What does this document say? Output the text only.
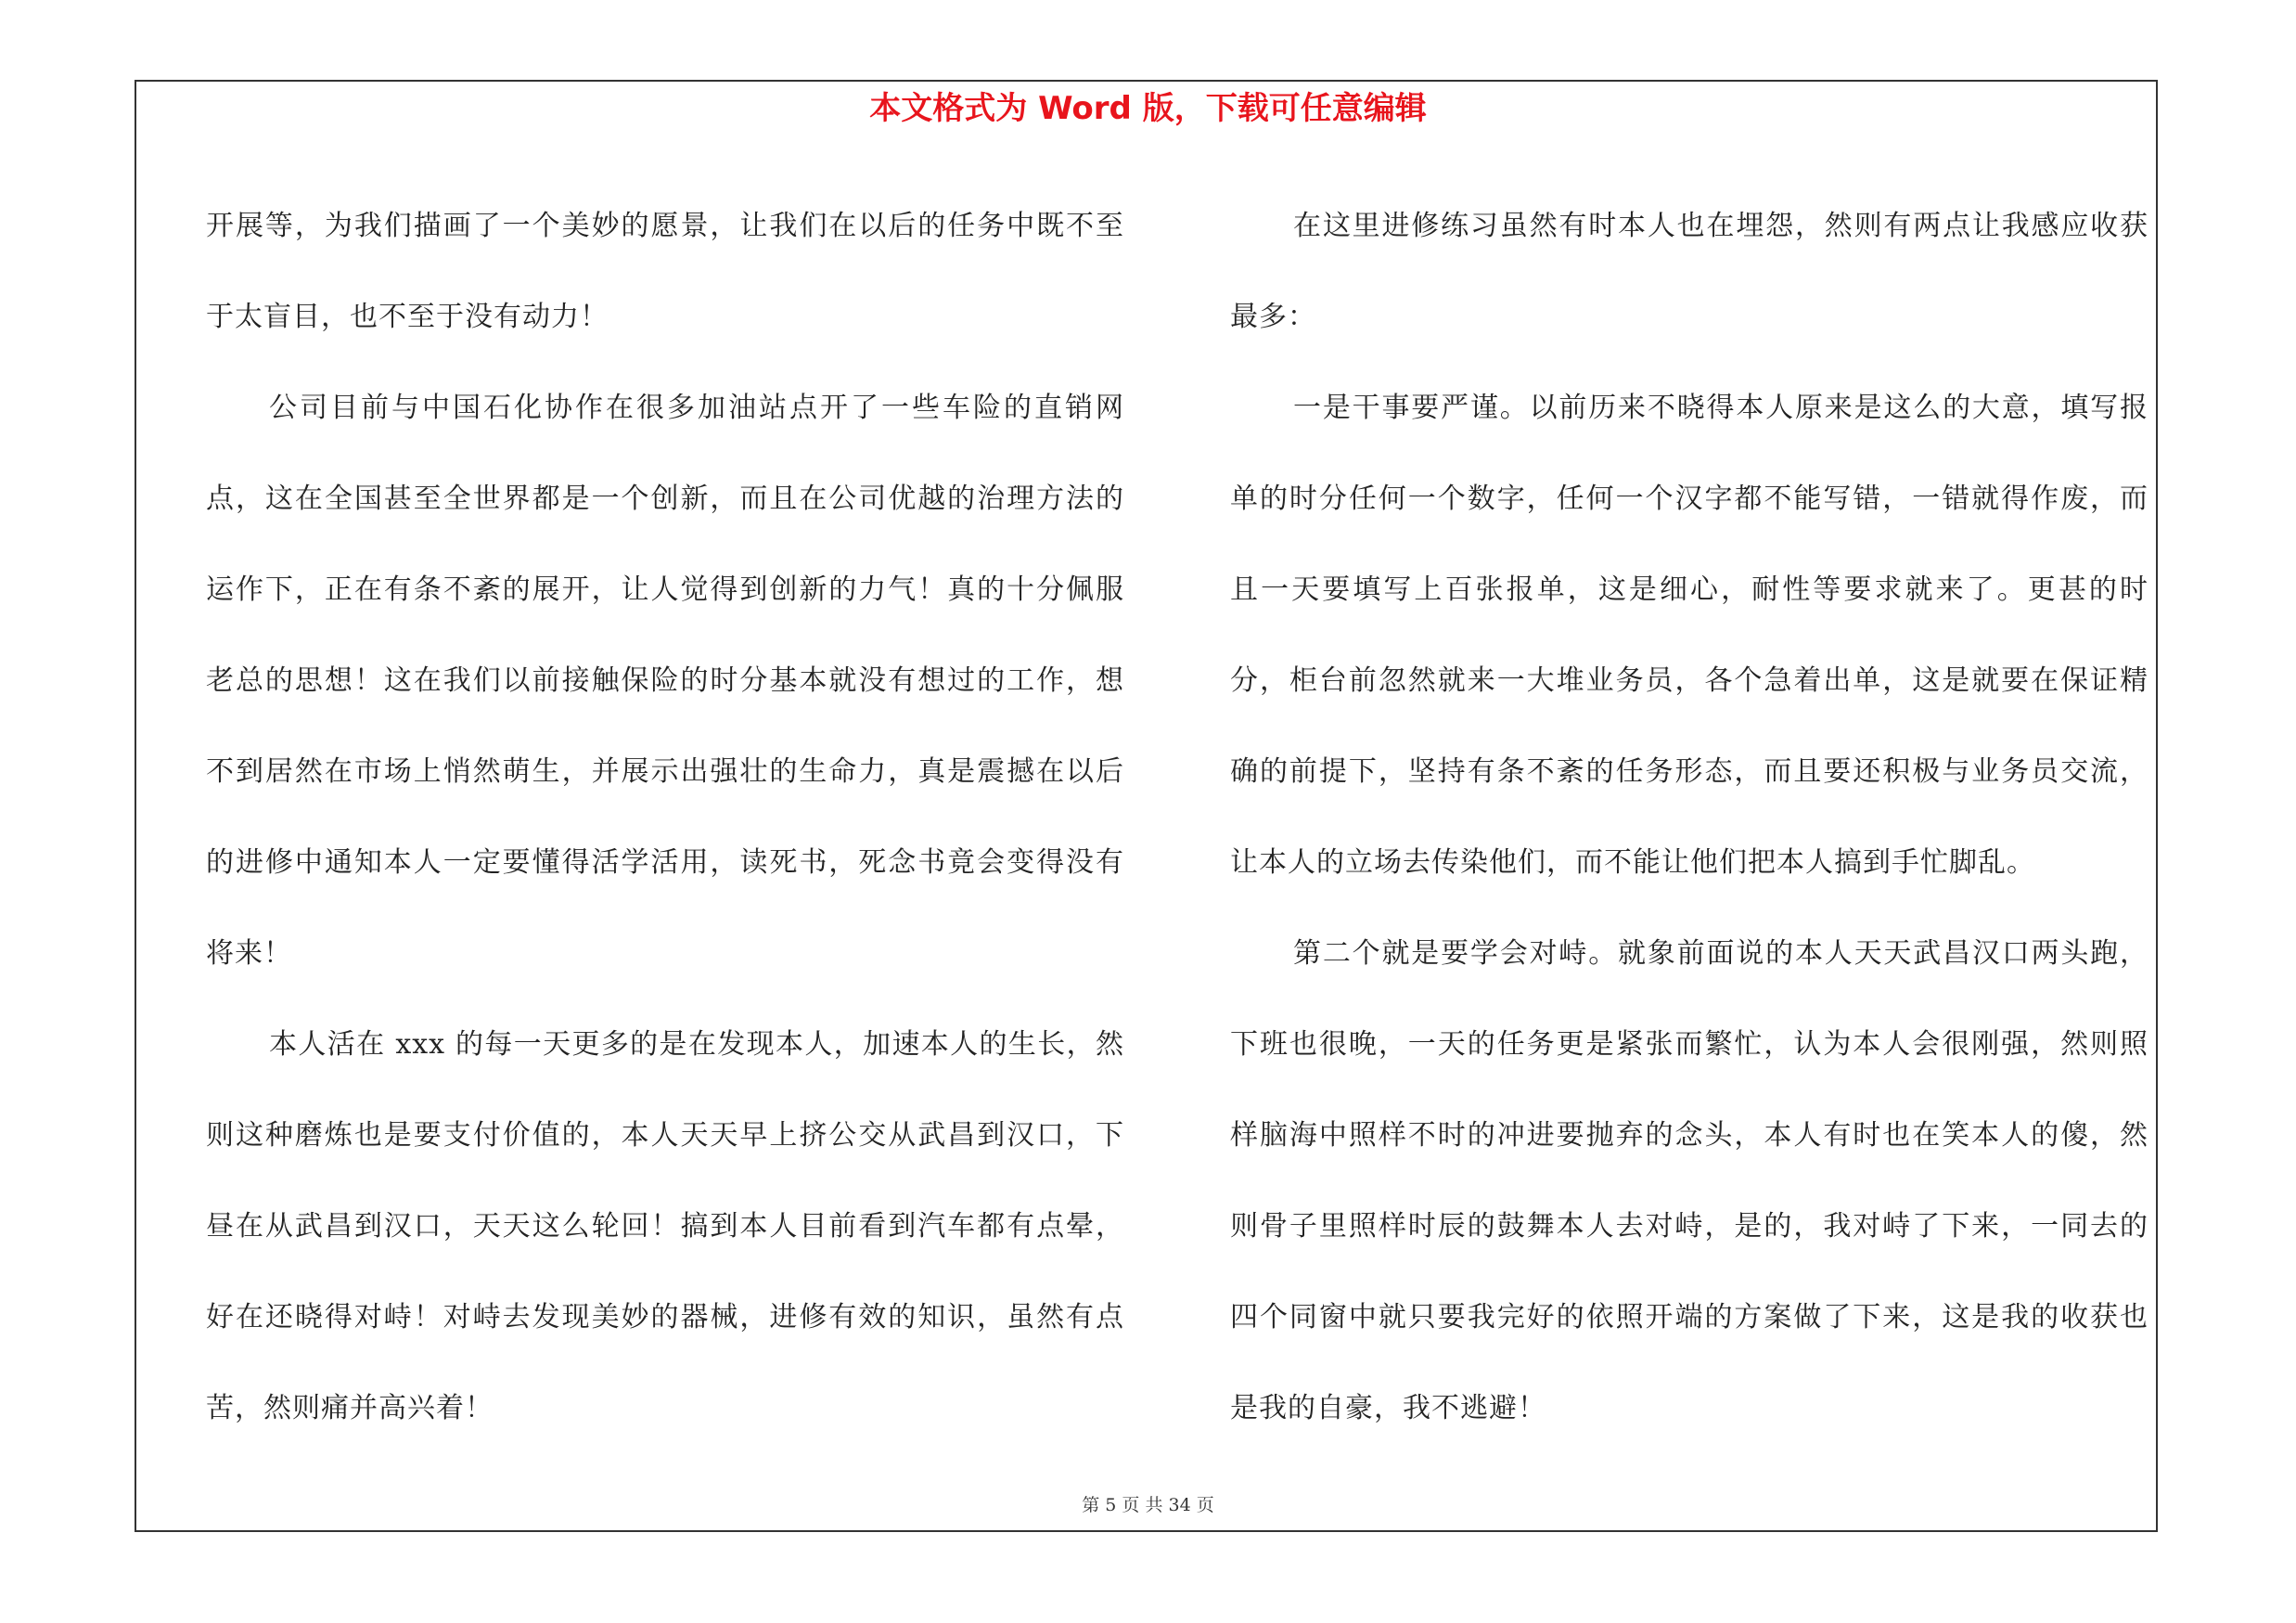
本文格式为 Word 版，下载可任意编辑

开展等，为我们描画了一个美妙的愿景，让我们在以后的任务中既不至于太盲目，也不至于没有动力！

公司目前与中国石化协作在很多加油站点开了一些车险的直销网点，这在全国甚至全世界都是一个创新，而且在公司优越的治理方法的运作下，正在有条不紊的展开，让人觉得到创新的力气！真的十分佩服老总的思想！这在我们以前接触保险的时分基本就没有想过的工作，想不到居然在市场上悄然萌生，并展示出强壮的生命力，真是震撼在以后的进修中通知本人一定要懂得活学活用，读死书，死念书竟会变得没有将来！

本人活在 xxx 的每一天更多的是在发现本人，加速本人的生长，然则这种磨炼也是要支付价值的，本人天天早上挤公交从武昌到汉口，下昼在从武昌到汉口，天天这么轮回！搞到本人目前看到汽车都有点晕，好在还晓得对峙！对峙去发现美妙的器械，进修有效的知识，虽然有点苦，然则痛并高兴着！

在这里进修练习虽然有时本人也在埋怨，然则有两点让我感应收获最多：

一是干事要严谨。以前历来不晓得本人原来是这么的大意，填写报单的时分任何一个数字，任何一个汉字都不能写错，一错就得作废，而且一天要填写上百张报单，这是细心，耐性等要求就来了。更甚的时分，柜台前忽然就来一大堆业务员，各个急着出单，这是就要在保证精确的前提下，坚持有条不紊的任务形态，而且要还积极与业务员交流，让本人的立场去传染他们，而不能让他们把本人搞到手忙脚乱。

第二个就是要学会对峙。就象前面说的本人天天武昌汉口两头跑，下班也很晚，一天的任务更是紧张而繁忙，认为本人会很刚强，然则照样脑海中照样不时的冲进要抛弃的念头，本人有时也在笑本人的傻，然则骨子里照样时辰的鼓舞本人去对峙，是的，我对峙了下来，一同去的四个同窗中就只要我完好的依照开端的方案做了下来，这是我的收获也是我的自豪，我不逃避！

第 5 页 共 34 页
